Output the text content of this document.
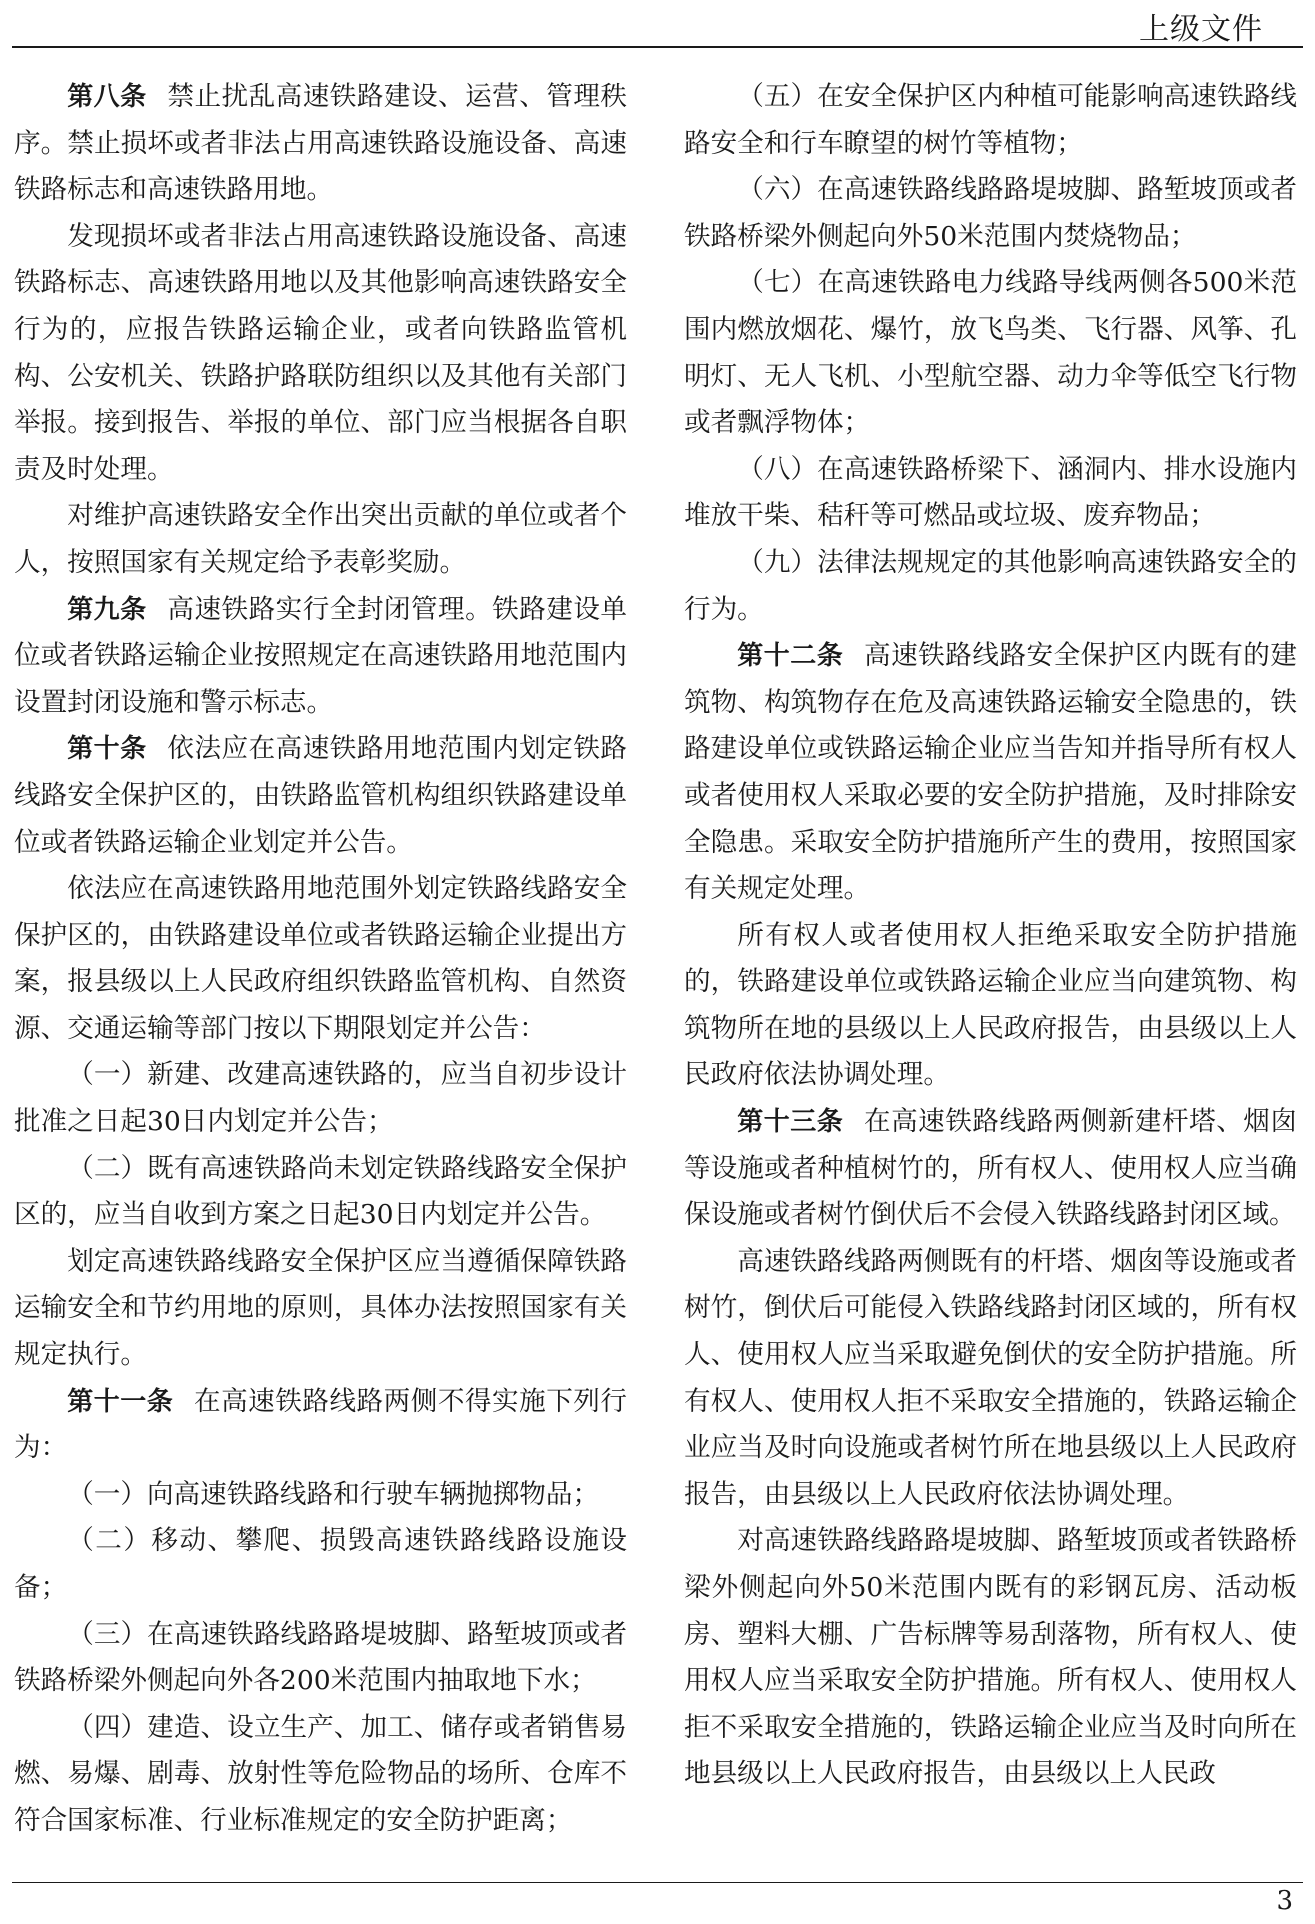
上级文件

第八条 禁止扰乱高速铁路建设、运营、管理秩序。禁止损坏或者非法占用高速铁路设施设备、高速铁路标志和高速铁路用地。

发现损坏或者非法占用高速铁路设施设备、高速铁路标志、高速铁路用地以及其他影响高速铁路安全行为的，应报告铁路运输企业，或者向铁路监管机构、公安机关、铁路护路联防组织以及其他有关部门举报。接到报告、举报的单位、部门应当根据各自职责及时处理。

对维护高速铁路安全作出突出贡献的单位或者个人，按照国家有关规定给予表彰奖励。

第九条 高速铁路实行全封闭管理。铁路建设单位或者铁路运输企业按照规定在高速铁路用地范围内设置封闭设施和警示标志。

第十条 依法应在高速铁路用地范围内划定铁路线路安全保护区的，由铁路监管机构组织铁路建设单位或者铁路运输企业划定并公告。

依法应在高速铁路用地范围外划定铁路线路安全保护区的，由铁路建设单位或者铁路运输企业提出方案，报县级以上人民政府组织铁路监管机构、自然资源、交通运输等部门按以下期限划定并公告：

（一）新建、改建高速铁路的，应当自初步设计批准之日起30日内划定并公告；

（二）既有高速铁路尚未划定铁路线路安全保护区的，应当自收到方案之日起30日内划定并公告。

划定高速铁路线路安全保护区应当遵循保障铁路运输安全和节约用地的原则，具体办法按照国家有关规定执行。

第十一条 在高速铁路线路两侧不得实施下列行为：

（一）向高速铁路线路和行驶车辆抛掷物品；

（二）移动、攀爬、损毁高速铁路线路设施设备；

（三）在高速铁路线路路堤坡脚、路堑坡顶或者铁路桥梁外侧起向外各200米范围内抽取地下水；

（四）建造、设立生产、加工、储存或者销售易燃、易爆、剧毒、放射性等危险物品的场所、仓库不符合国家标准、行业标准规定的安全防护距离；

（五）在安全保护区内种植可能影响高速铁路线路安全和行车瞭望的树竹等植物；

（六）在高速铁路线路路堤坡脚、路堑坡顶或者铁路桥梁外侧起向外50米范围内焚烧物品；

（七）在高速铁路电力线路导线两侧各500米范围内燃放烟花、爆竹，放飞鸟类、飞行器、风筝、孔明灯、无人飞机、小型航空器、动力伞等低空飞行物或者飘浮物体；

（八）在高速铁路桥梁下、涵洞内、排水设施内堆放干柴、秸秆等可燃品或垃圾、废弃物品；

（九）法律法规规定的其他影响高速铁路安全的行为。

第十二条 高速铁路线路安全保护区内既有的建筑物、构筑物存在危及高速铁路运输安全隐患的，铁路建设单位或铁路运输企业应当告知并指导所有权人或者使用权人采取必要的安全防护措施，及时排除安全隐患。采取安全防护措施所产生的费用，按照国家有关规定处理。

所有权人或者使用权人拒绝采取安全防护措施的，铁路建设单位或铁路运输企业应当向建筑物、构筑物所在地的县级以上人民政府报告，由县级以上人民政府依法协调处理。

第十三条 在高速铁路线路两侧新建杆塔、烟囱等设施或者种植树竹的，所有权人、使用权人应当确保设施或者树竹倒伏后不会侵入铁路线路封闭区域。

高速铁路线路两侧既有的杆塔、烟囱等设施或者树竹，倒伏后可能侵入铁路线路封闭区域的，所有权人、使用权人应当采取避免倒伏的安全防护措施。所有权人、使用权人拒不采取安全措施的，铁路运输企业应当及时向设施或者树竹所在地县级以上人民政府报告，由县级以上人民政府依法协调处理。

对高速铁路线路路堤坡脚、路堑坡顶或者铁路桥梁外侧起向外50米范围内既有的彩钢瓦房、活动板房、塑料大棚、广告标牌等易刮落物，所有权人、使用权人应当采取安全防护措施。所有权人、使用权人拒不采取安全措施的，铁路运输企业应当及时向所在地县级以上人民政府报告，由县级以上人民政

3
